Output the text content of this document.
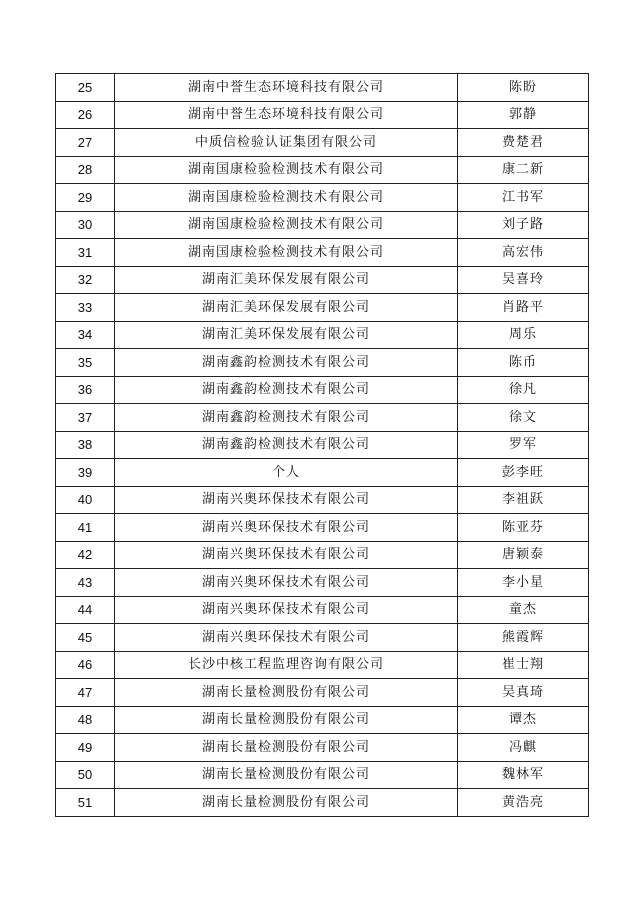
25	湖南中誉生态环境科技有限公司	陈盼
26	湖南中誉生态环境科技有限公司	郭静
27	中质信检验认证集团有限公司	费楚君
28	湖南国康检验检测技术有限公司	康二新
29	湖南国康检验检测技术有限公司	江书军
30	湖南国康检验检测技术有限公司	刘子路
31	湖南国康检验检测技术有限公司	高宏伟
32	湖南汇美环保发展有限公司	吴喜玲
33	湖南汇美环保发展有限公司	肖路平
34	湖南汇美环保发展有限公司	周乐
35	湖南鑫韵检测技术有限公司	陈币
36	湖南鑫韵检测技术有限公司	徐凡
37	湖南鑫韵检测技术有限公司	徐文
38	湖南鑫韵检测技术有限公司	罗军
39	个人	彭李旺
40	湖南兴奥环保技术有限公司	李祖跃
41	湖南兴奥环保技术有限公司	陈亚芬
42	湖南兴奥环保技术有限公司	唐颖泰
43	湖南兴奥环保技术有限公司	李小星
44	湖南兴奥环保技术有限公司	童杰
45	湖南兴奥环保技术有限公司	熊霞辉
46	长沙中核工程监理咨询有限公司	崔士翔
47	湖南长量检测股份有限公司	吴真琦
48	湖南长量检测股份有限公司	谭杰
49	湖南长量检测股份有限公司	冯麒
50	湖南长量检测股份有限公司	魏林军
51	湖南长量检测股份有限公司	黄浩亮
